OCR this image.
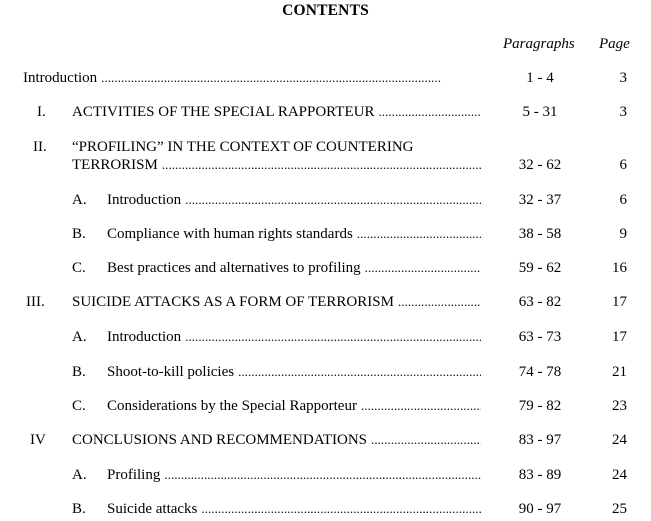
CONTENTS
Paragraphs Page
Introduction . . .	1 - 4	3
I. ACTIVITIES OF THE SPECIAL RAPPORTEUR . . .	5 - 31	3
II. “PROFILING” IN THE CONTEXT OF COUNTERING
TERRORISM . . .	32 - 62	6
A. Introduction . . .	32 - 37	6
B. Compliance with human rights standards . . .	38 - 58	9
C. Best practices and alternatives to profiling . . .	59 - 62	16
III. SUICIDE ATTACKS AS A FORM OF TERRORISM . . .	63 - 82	17
A. Introduction . . .	63 - 73	17
B. Shoot-to-kill policies . . .	74 - 78	21
C. Considerations by the Special Rapporteur . . .	79 - 82	23
IV CONCLUSIONS AND RECOMMENDATIONS . . .	83 - 97	24
A. Profiling . . .	83 - 89	24
B. Suicide attacks . . .	90 - 97	25
